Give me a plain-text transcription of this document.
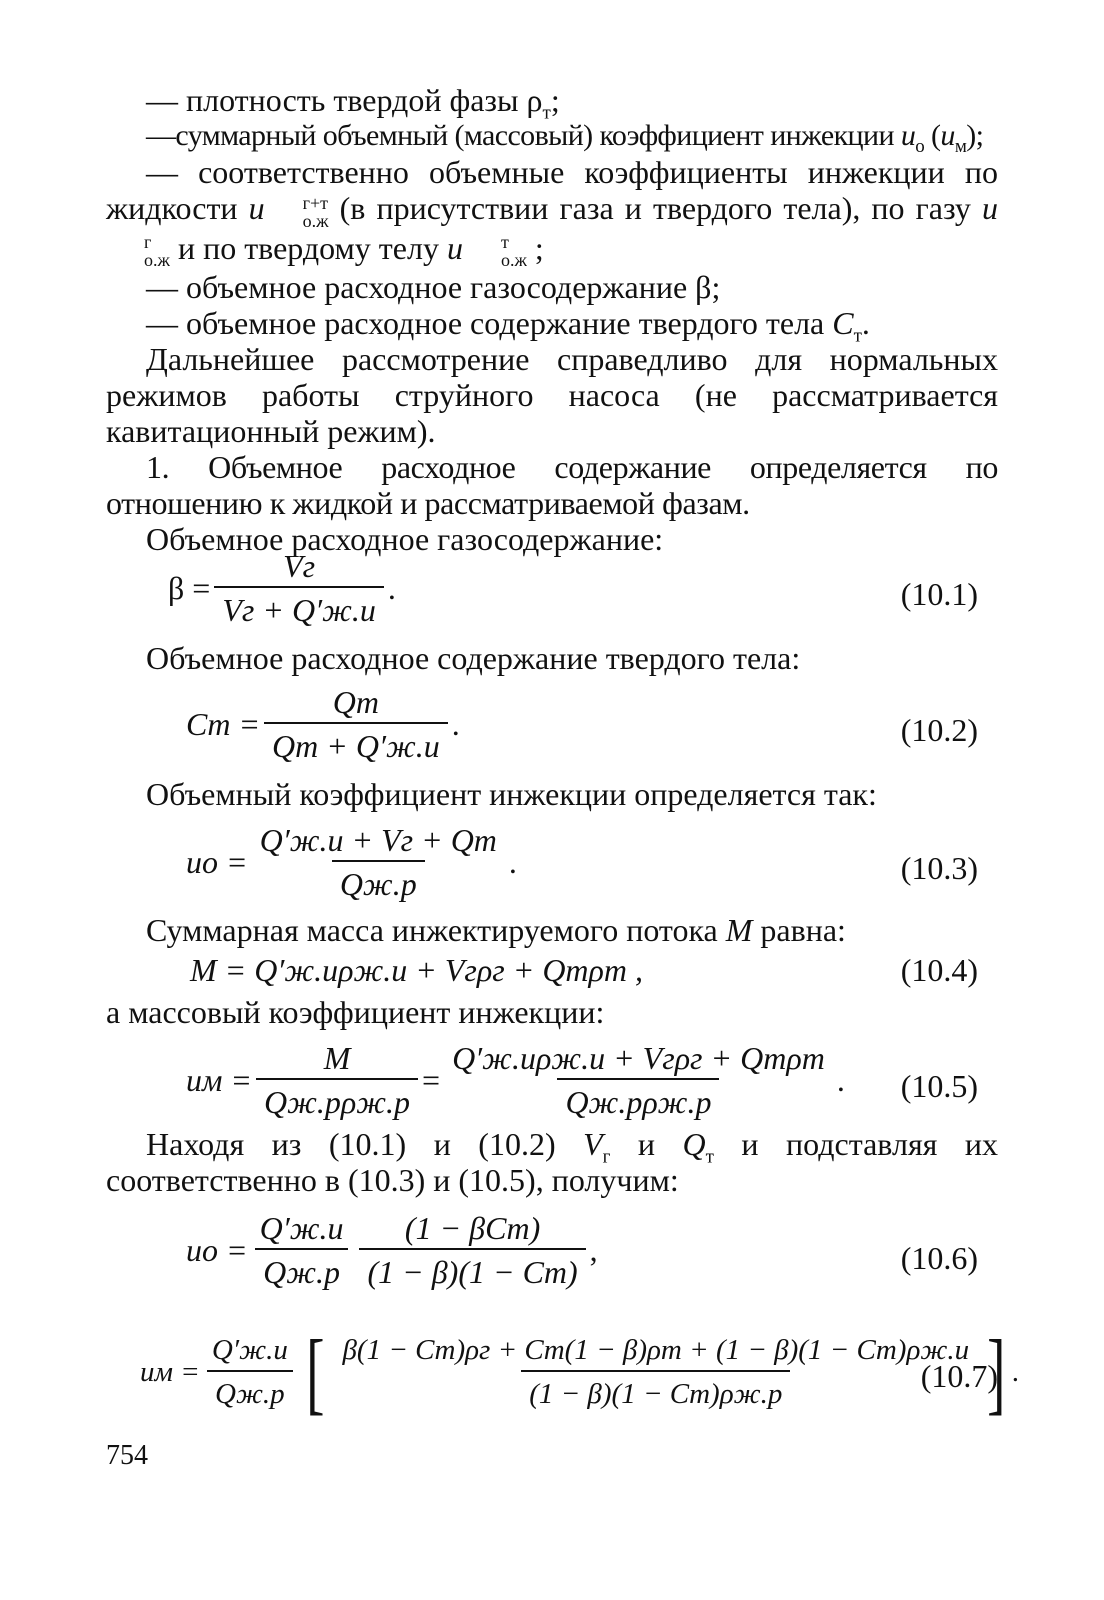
— плотность твердой фазы $\rho_т$;

—суммарный объемный (массовый) коэффициент инжекции $u_о$ $(u_м)$;

— соответственно объемные коэффициенты инжекции по жидкости u	г+т
о.ж (в присутствии газа и твердого тела), по газу u
г
о.ж и по твердому телу u	т
о.ж ;

— объемное расходное газосодержание β;

— объемное расходное содержание твердого тела $C_т$.

Дальнейшее рассмотрение справедливо для нормальных режимов работы струйного насоса (не рассматривается кавитационный режим).

1. Объемное расходное содержание определяется по отношению к жидкой и рассматриваемой фазам.

Объемное расходное газосодержание:

$\beta = \frac{Vг}{Vг + Q'ж.и}$ .	(10.1)

Объемное расходное содержание твердого тела:

Cт = $\frac{Qт}{Qт + Q'ж.и}$ .	(10.2)

Объемный коэффициент инжекции определяется так:

uо = $\frac{Q'ж.и + Vг + Qт}{Qж.р}$ .	(10.3)

Суммарная масса инжектируемого потока M равна:

M = Q′ж.иρж.и + Vгρг + Qтρт ,	(10.4)

а массовый коэффициент инжекции:

uм = $\frac{M}{\text{Qж.рρж.р}} = \frac{\text{Q′ж.иρж.и + Vгρг + Qтρт}}{\text{Qж.рρж.р}}$ . (10.5)

Находя из (10.1) и (10.2) $V_г$ и $Q_т$ и подставляя их соответственно в (10.3) и (10.5), получим:

uо = $\frac{Q'ж.и}{Qж.р} \frac{\text{(1 − βCт)}}{(1 - \beta)(1 - Cт)}$ ,	(10.6)
uм = $\frac{Q'ж.и}{Qж.р}$ [ $\frac{\beta(1 - Cт)\rho г + Cт(1 - \beta)\rho т + (1 - \beta)(1 - Cт)\rho ж.и}{(1 - \beta)(1 - Cт)\rho ж.р}$ ] .
(10.7)
754
